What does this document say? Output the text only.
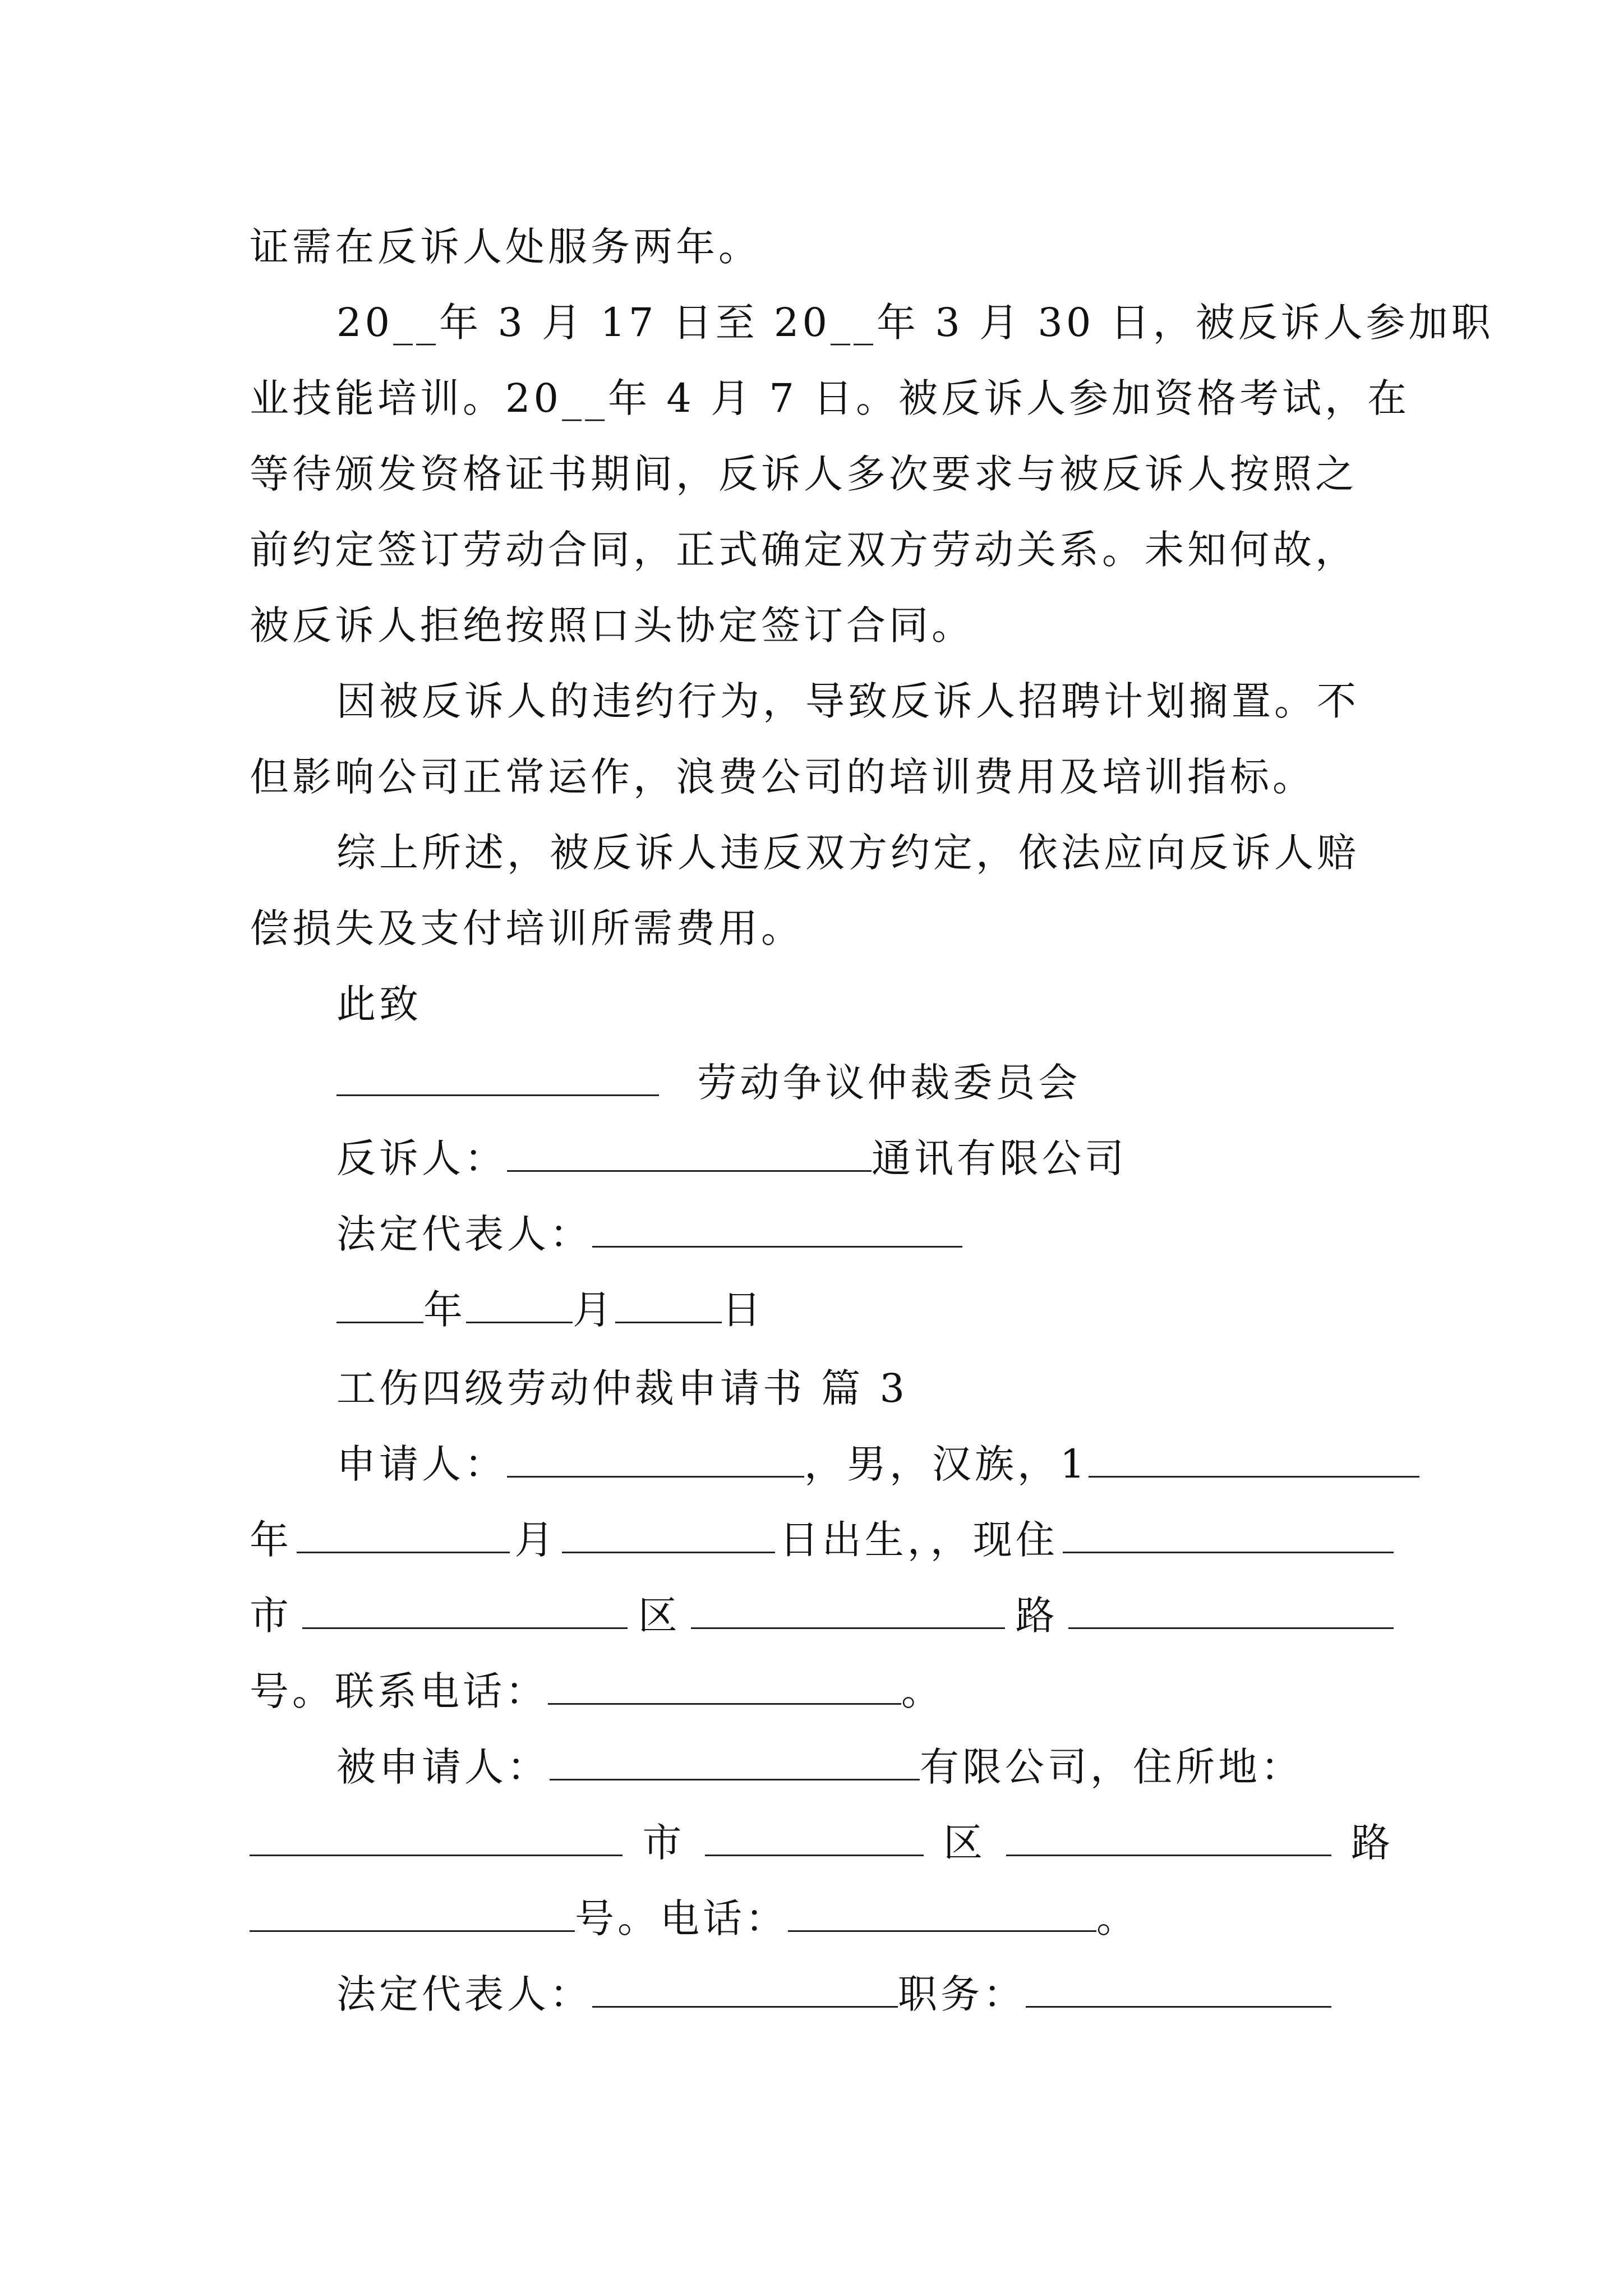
证需在反诉人处服务两年。
20__年 3 月 17 日至 20__年 3 月 30 日，被反诉人参加职
业技能培训。20__年 4 月 7 日。被反诉人参加资格考试，在
等待颁发资格证书期间，反诉人多次要求与被反诉人按照之
前约定签订劳动合同，正式确定双方劳动关系。未知何故，
被反诉人拒绝按照口头协定签订合同。
因被反诉人的违约行为，导致反诉人招聘计划搁置。不
但影响公司正常运作，浪费公司的培训费用及培训指标。
综上所述，被反诉人违反双方约定，依法应向反诉人赔
偿损失及支付培训所需费用。
此致
劳动争议仲裁委员会
反诉人：	通讯有限公司
法定代表人：
年	月	日
工伤四级劳动仲裁申请书 篇 3
申请人：	，男，汉族，1
年	月	日出生，，现住
市	区	路
号。联系电话：	。
被申请人：	有限公司，住所地：
市	区	路
号。电话：	。
法定代表人：	职务：
